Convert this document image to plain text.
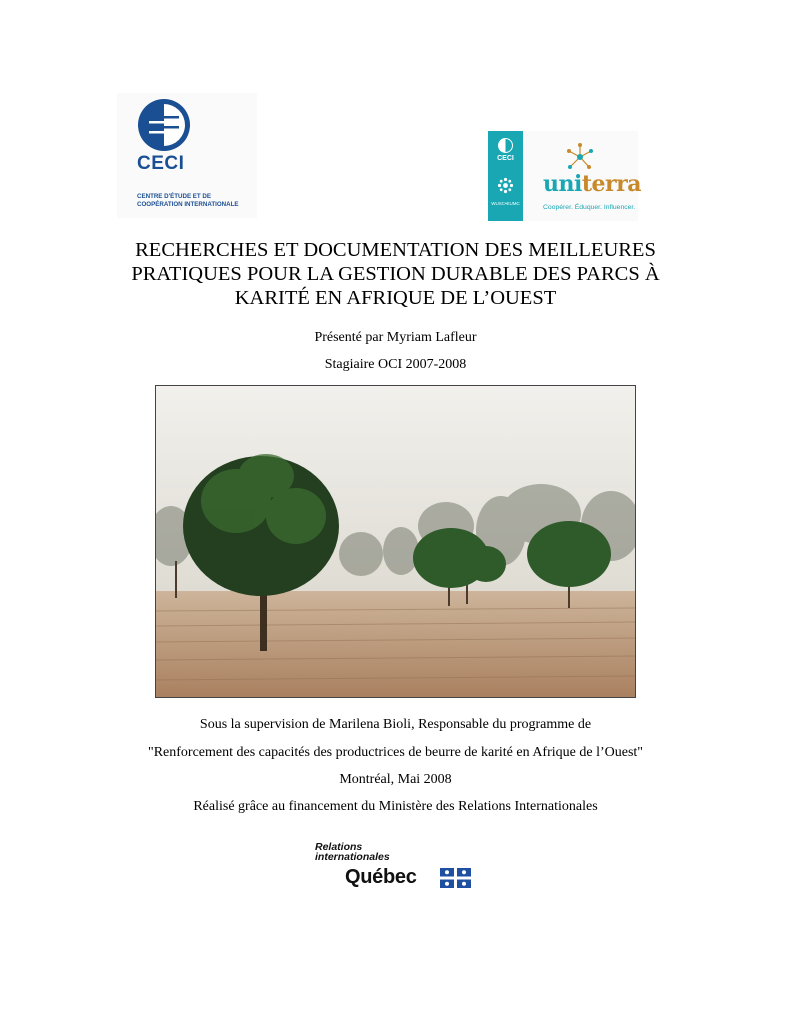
CECI
CENTRE D'ÉTUDE ET DE
COOPÉRATION INTERNATIONALE
CECI
WUSC•EUMC
uniterra
Coopérer. Éduquer. Influencer.
RECHERCHES ET DOCUMENTATION DES MEILLEURES
PRATIQUES POUR LA GESTION DURABLE DES PARCS À
KARITÉ EN AFRIQUE DE L’OUEST
Présenté par Myriam Lafleur
Stagiaire OCI 2007-2008
Sous la supervision de Marilena Bioli, Responsable du programme de
"Renforcement des capacités des productrices de beurre de karité en Afrique de l’Ouest"
Montréal, Mai 2008
Réalisé grâce au financement du Ministère des Relations Internationales
Relations
internationales
Québec
